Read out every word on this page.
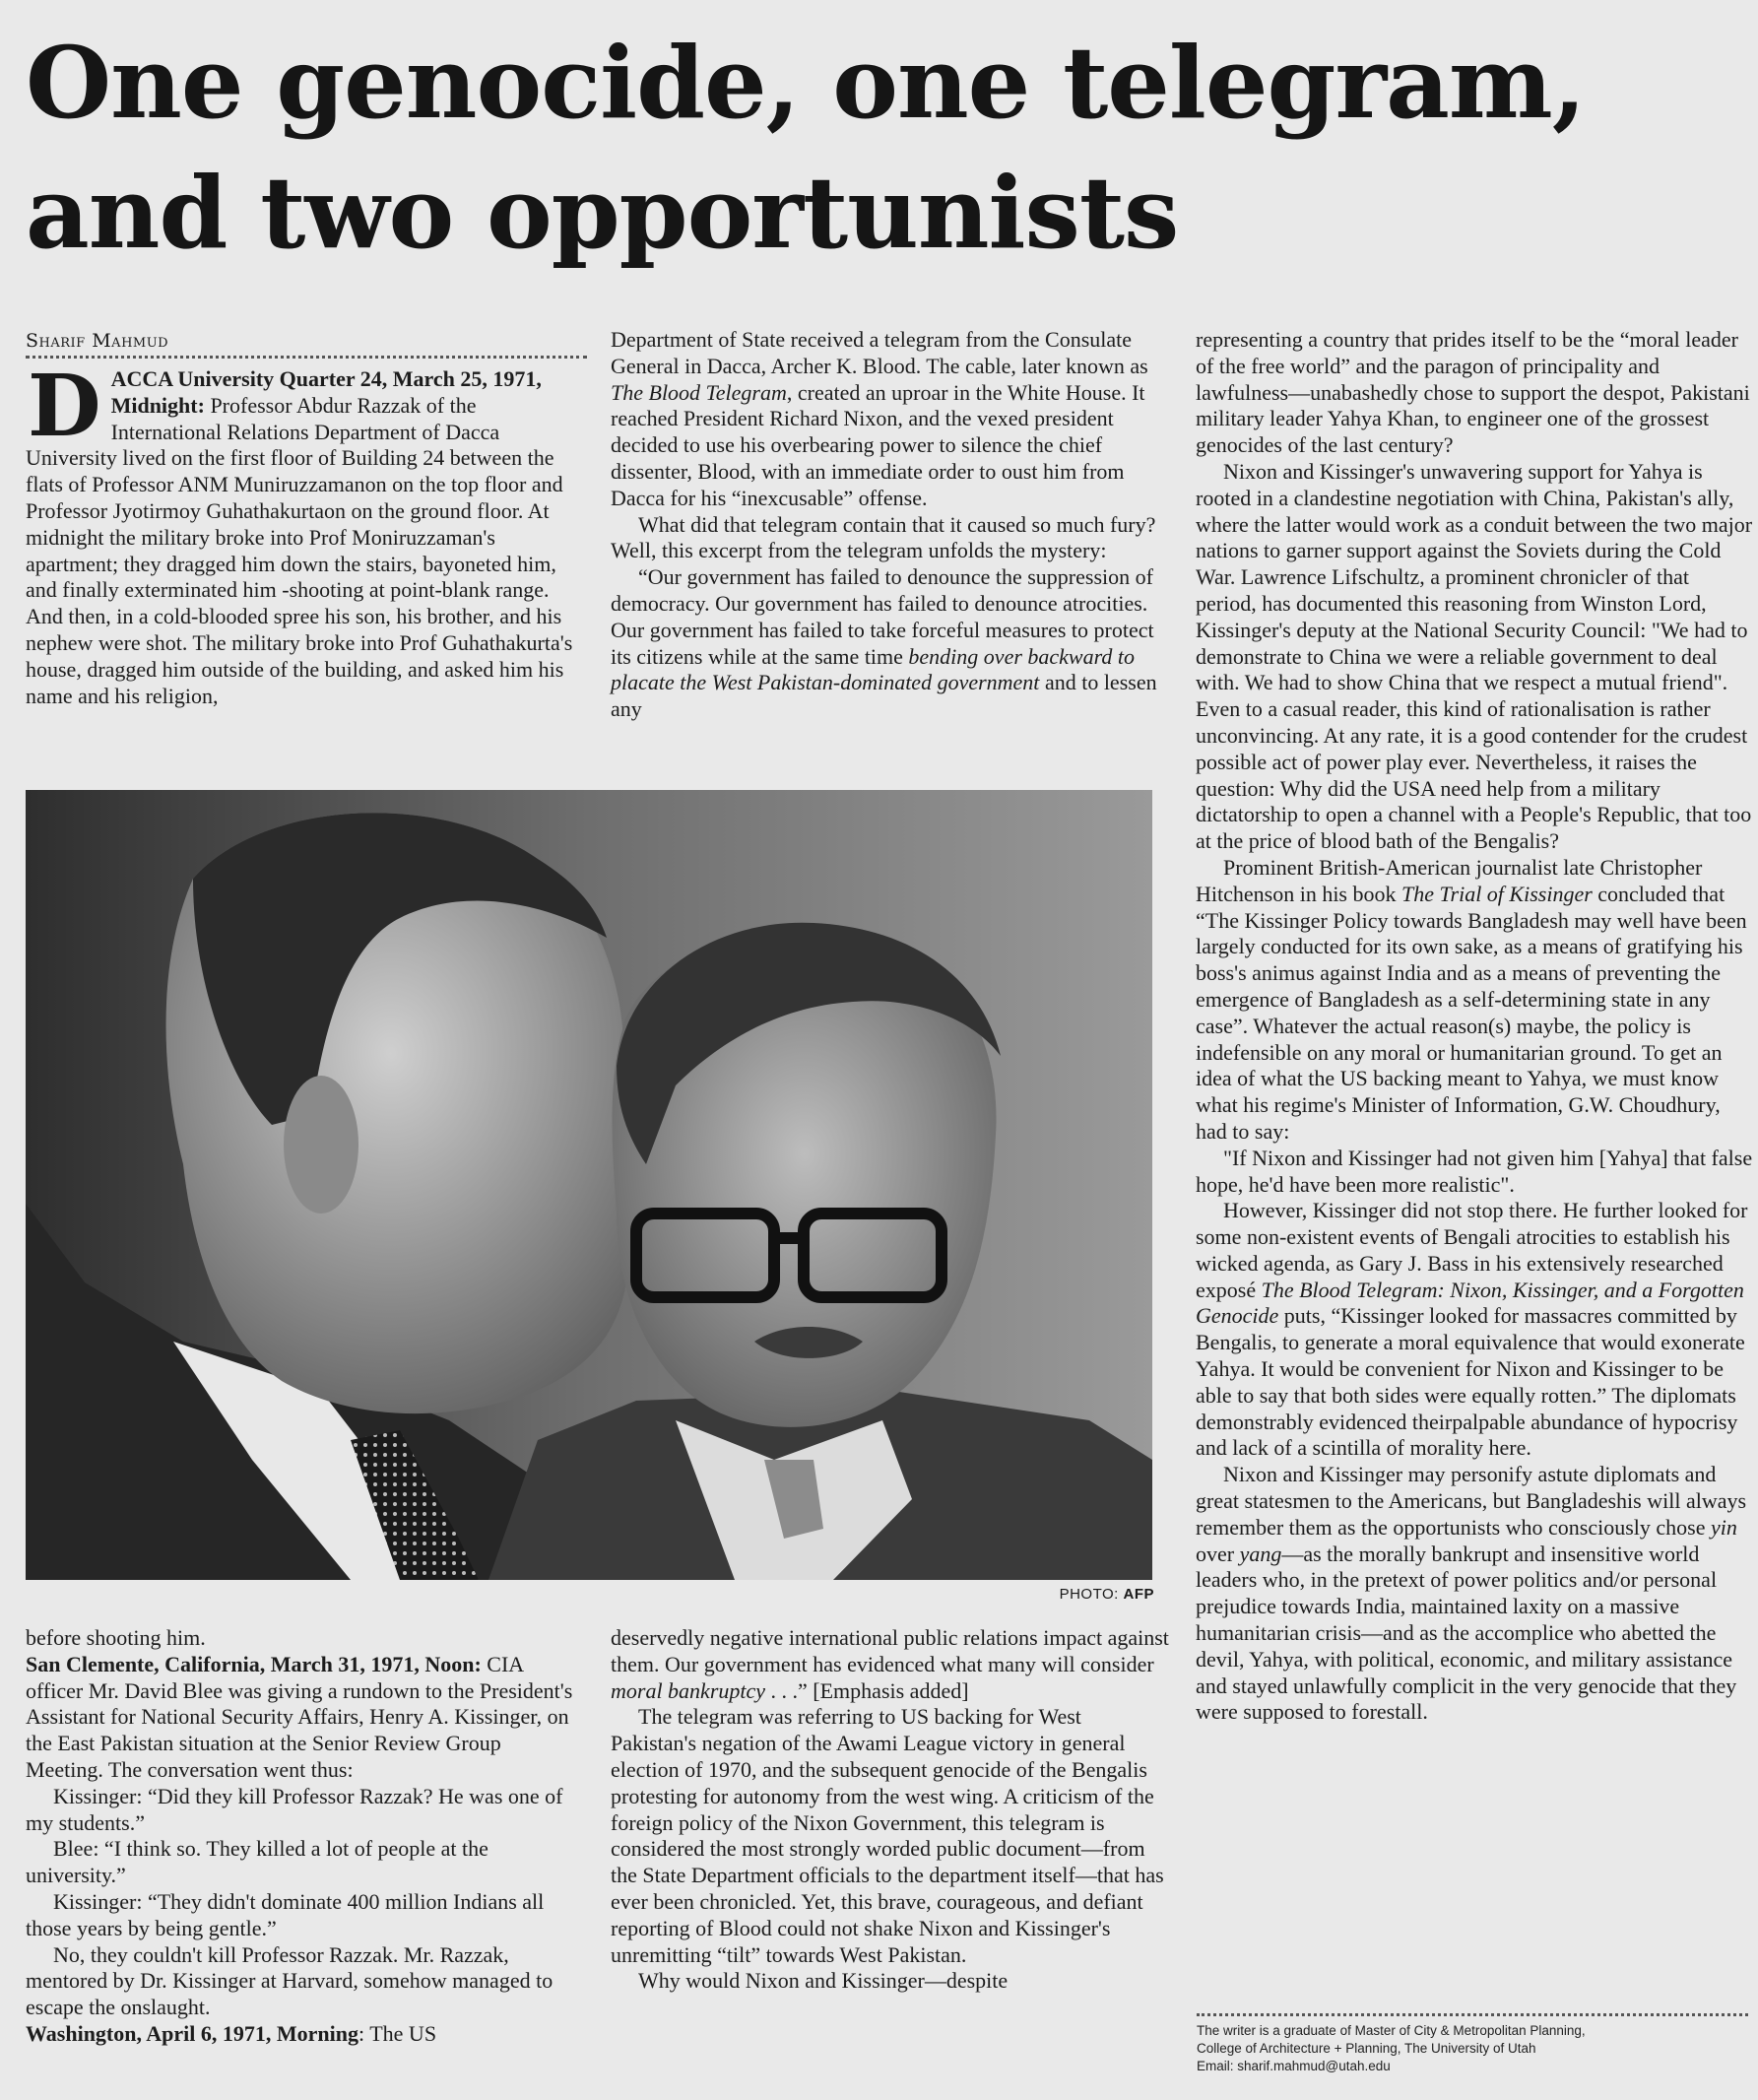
One genocide, one telegram,
and two opportunists
Sharif Mahmud

DACCA University Quarter 24, March 25, 1971, Midnight: Professor Abdur Razzak of the International Relations Department of Dacca University lived on the first floor of Building 24 between the flats of Professor ANM Muniruzzamanon on the top floor and Professor Jyotirmoy Guhathakurtaon on the ground floor. At midnight the military broke into Prof Moniruzzaman's apartment; they dragged him down the stairs, bayoneted him, and finally exterminated him -shooting at point-blank range. And then, in a cold-blooded spree his son, his brother, and his nephew were shot. The military broke into Prof Guhathakurta's house, dragged him outside of the building, and asked him his name and his religion,

Department of State received a telegram from the Consulate General in Dacca, Archer K. Blood. The cable, later known as The Blood Telegram, created an uproar in the White House. It reached President Richard Nixon, and the vexed president decided to use his overbearing power to silence the chief dissenter, Blood, with an immediate order to oust him from Dacca for his “inexcusable” offense.

What did that telegram contain that it caused so much fury? Well, this excerpt from the telegram unfolds the mystery:

“Our government has failed to denounce the suppression of democracy. Our government has failed to denounce atrocities. Our government has failed to take forceful measures to protect its citizens while at the same time bending over backward to placate the West Pakistan-dominated government and to lessen any

representing a country that prides itself to be the “moral leader of the free world” and the paragon of principality and lawfulness—unabashedly chose to support the despot, Pakistani military leader Yahya Khan, to engineer one of the grossest genocides of the last century?

Nixon and Kissinger's unwavering support for Yahya is rooted in a clandestine negotiation with China, Pakistan's ally, where the latter would work as a conduit between the two major nations to garner support against the Soviets during the Cold War. Lawrence Lifschultz, a prominent chronicler of that period, has documented this reasoning from Winston Lord, Kissinger's deputy at the National Security Council: "We had to demonstrate to China we were a reliable government to deal with. We had to show China that we respect a mutual friend". Even to a casual reader, this kind of rationalisation is rather unconvincing. At any rate, it is a good contender for the crudest possible act of power play ever. Nevertheless, it raises the question: Why did the USA need help from a military dictatorship to open a channel with a People's Republic, that too at the price of blood bath of the Bengalis?

Prominent British-American journalist late Christopher Hitchenson in his book The Trial of Kissinger concluded that “The Kissinger Policy towards Bangladesh may well have been largely conducted for its own sake, as a means of gratifying his boss's animus against India and as a means of preventing the emergence of Bangladesh as a self-determining state in any case”. Whatever the actual reason(s) maybe, the policy is indefensible on any moral or humanitarian ground. To get an idea of what the US backing meant to Yahya, we must know what his regime's Minister of Information, G.W. Choudhury, had to say:

"If Nixon and Kissinger had not given him [Yahya] that false hope, he'd have been more realistic".

However, Kissinger did not stop there. He further looked for some non-existent events of Bengali atrocities to establish his wicked agenda, as Gary J. Bass in his extensively researched exposé The Blood Telegram: Nixon, Kissinger, and a Forgotten Genocide puts, “Kissinger looked for massacres committed by Bengalis, to generate a moral equivalence that would exonerate Yahya. It would be convenient for Nixon and Kissinger to be able to say that both sides were equally rotten.” The diplomats demonstrably evidenced theirpalpable abundance of hypocrisy and lack of a scintilla of morality here.

Nixon and Kissinger may personify astute diplomats and great statesmen to the Americans, but Bangladeshis will always remember them as the opportunists who consciously chose yin over yang—as the morally bankrupt and insensitive world leaders who, in the pretext of power politics and/or personal prejudice towards India, maintained laxity on a massive humanitarian crisis—and as the accomplice who abetted the devil, Yahya, with political, economic, and military assistance and stayed unlawfully complicit in the very genocide that they were supposed to forestall.

PHOTO: AFP

before shooting him.

San Clemente, California, March 31, 1971, Noon: CIA officer Mr. David Blee was giving a rundown to the President's Assistant for National Security Affairs, Henry A. Kissinger, on the East Pakistan situation at the Senior Review Group Meeting. The conversation went thus:

Kissinger: “Did they kill Professor Razzak? He was one of my students.”

Blee: “I think so. They killed a lot of people at the university.”

Kissinger: “They didn't dominate 400 million Indians all those years by being gentle.”

No, they couldn't kill Professor Razzak. Mr. Razzak, mentored by Dr. Kissinger at Harvard, somehow managed to escape the onslaught.

Washington, April 6, 1971, Morning: The US

deservedly negative international public relations impact against them. Our government has evidenced what many will consider moral bankruptcy . . .” [Emphasis added]

The telegram was referring to US backing for West Pakistan's negation of the Awami League victory in general election of 1970, and the subsequent genocide of the Bengalis protesting for autonomy from the west wing. A criticism of the foreign policy of the Nixon Government, this telegram is considered the most strongly worded public document—from the State Department officials to the department itself—that has ever been chronicled. Yet, this brave, courageous, and defiant reporting of Blood could not shake Nixon and Kissinger's unremitting “tilt” towards West Pakistan.

Why would Nixon and Kissinger—despite

The writer is a graduate of Master of City & Metropolitan Planning,
College of Architecture + Planning, The University of Utah
Email: sharif.mahmud@utah.edu
